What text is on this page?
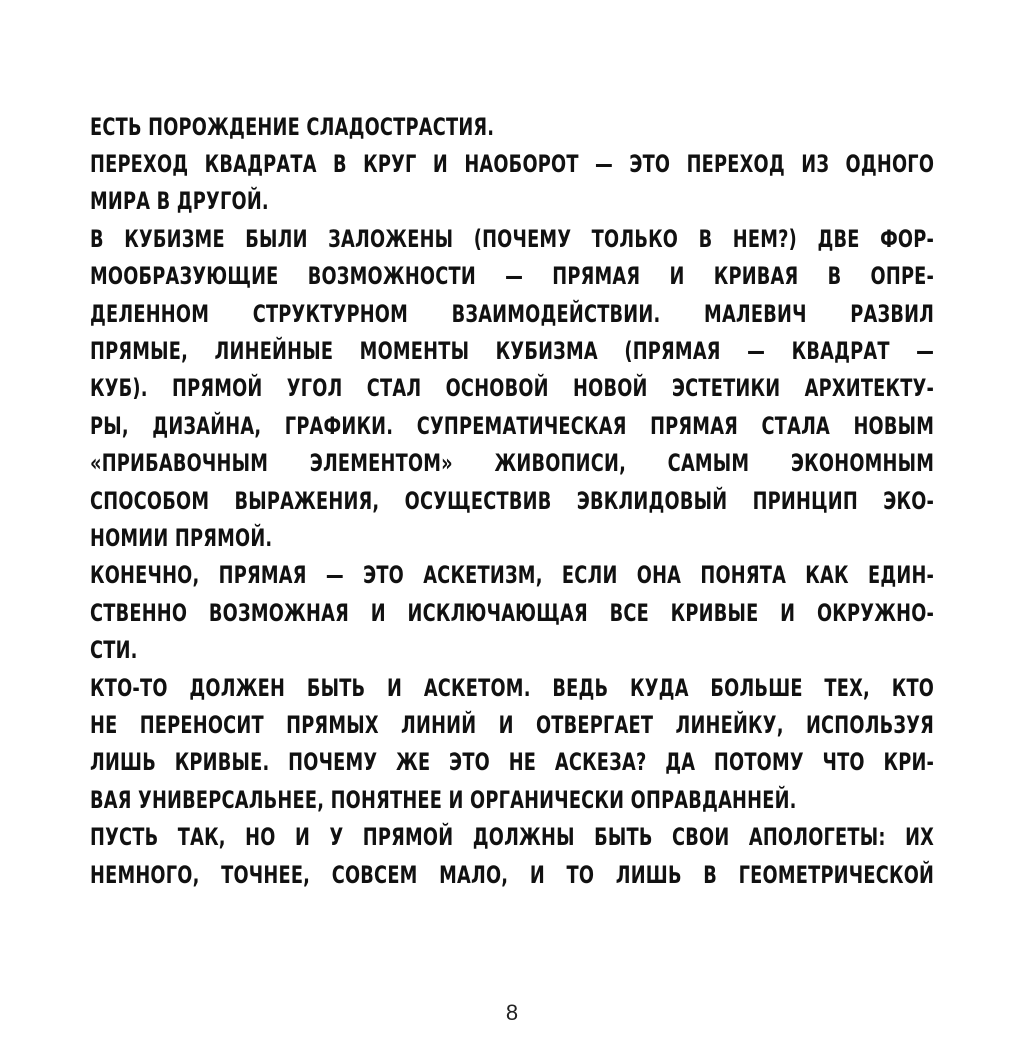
ЕСТЬ ПОРОЖДЕНИЕ СЛАДОСТРАСТИЯ.
ПЕРЕХОД КВАДРАТА В КРУГ И НАОБОРОТ — ЭТО ПЕРЕХОД ИЗ ОДНОГО
МИРА В ДРУГОЙ.
В КУБИЗМЕ БЫЛИ ЗАЛОЖЕНЫ (ПОЧЕМУ ТОЛЬКО В НЕМ?) ДВЕ ФОР-
МООБРАЗУЮЩИЕ ВОЗМОЖНОСТИ — ПРЯМАЯ И КРИВАЯ В ОПРЕ-
ДЕЛЕННОМ СТРУКТУРНОМ ВЗАИМОДЕЙСТВИИ. МАЛЕВИЧ РАЗВИЛ
ПРЯМЫЕ, ЛИНЕЙНЫЕ МОМЕНТЫ КУБИЗМА (ПРЯМАЯ — КВАДРАТ —
КУБ). ПРЯМОЙ УГОЛ СТАЛ ОСНОВОЙ НОВОЙ ЭСТЕТИКИ АРХИТЕКТУ-
РЫ, ДИЗАЙНА, ГРАФИКИ. СУПРЕМАТИЧЕСКАЯ ПРЯМАЯ СТАЛА НОВЫМ
«ПРИБАВОЧНЫМ ЭЛЕМЕНТОМ» ЖИВОПИСИ, САМЫМ ЭКОНОМНЫМ
СПОСОБОМ ВЫРАЖЕНИЯ, ОСУЩЕСТВИВ ЭВКЛИДОВЫЙ ПРИНЦИП ЭКО-
НОМИИ ПРЯМОЙ.
КОНЕЧНО, ПРЯМАЯ — ЭТО АСКЕТИЗМ, ЕСЛИ ОНА ПОНЯТА КАК ЕДИН-
СТВЕННО ВОЗМОЖНАЯ И ИСКЛЮЧАЮЩАЯ ВСЕ КРИВЫЕ И ОКРУЖНО-
СТИ.
КТО-ТО ДОЛЖЕН БЫТЬ И АСКЕТОМ. ВЕДЬ КУДА БОЛЬШЕ ТЕХ, КТО
НЕ ПЕРЕНОСИТ ПРЯМЫХ ЛИНИЙ И ОТВЕРГАЕТ ЛИНЕЙКУ, ИСПОЛЬЗУЯ
ЛИШЬ КРИВЫЕ. ПОЧЕМУ ЖЕ ЭТО НЕ АСКЕЗА? ДА ПОТОМУ ЧТО КРИ-
ВАЯ УНИВЕРСАЛЬНЕЕ, ПОНЯТНЕЕ И ОРГАНИЧЕСКИ ОПРАВДАННЕЙ.
ПУСТЬ ТАК, НО И У ПРЯМОЙ ДОЛЖНЫ БЫТЬ СВОИ АПОЛОГЕТЫ: ИХ
НЕМНОГО, ТОЧНЕЕ, СОВСЕМ МАЛО, И ТО ЛИШЬ В ГЕОМЕТРИЧЕСКОЙ
8
